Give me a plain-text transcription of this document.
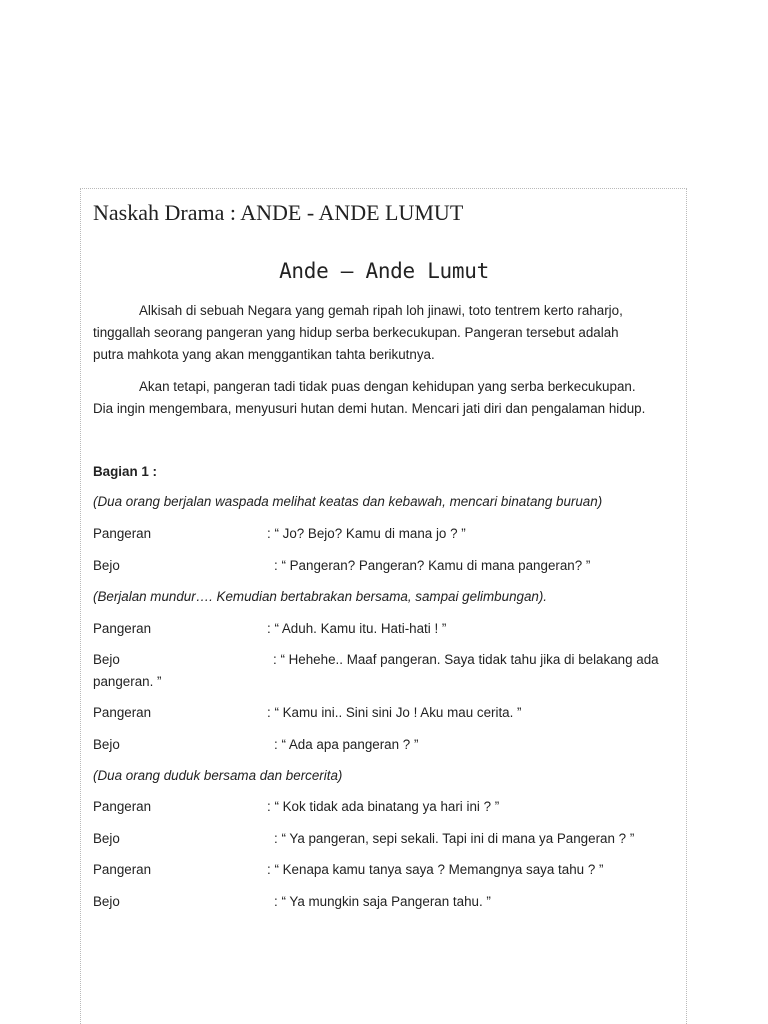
Naskah Drama : ANDE - ANDE LUMUT
Ande – Ande Lumut
Alkisah di sebuah Negara yang gemah ripah loh jinawi, toto tentrem kerto raharjo,
tinggallah seorang pangeran yang hidup serba berkecukupan. Pangeran tersebut adalah
putra mahkota yang akan menggantikan tahta berikutnya.
Akan tetapi, pangeran tadi tidak puas dengan kehidupan yang serba berkecukupan.
Dia ingin mengembara, menyusuri hutan demi hutan. Mencari jati diri dan pengalaman hidup.
Bagian 1 :
(Dua orang berjalan waspada melihat keatas dan kebawah, mencari binatang buruan)
Pangeran	: “ Jo? Bejo? Kamu di mana jo ? ”
Bejo	: “ Pangeran? Pangeran? Kamu di mana pangeran? ”
(Berjalan mundur…. Kemudian bertabrakan bersama, sampai gelimbungan).
Pangeran	: “ Aduh. Kamu itu. Hati-hati ! ”
Bejo	: “ Hehehe.. Maaf pangeran. Saya tidak tahu jika di belakang ada
pangeran. ”
Pangeran	: “ Kamu ini.. Sini sini Jo ! Aku mau cerita. ”
Bejo	: “ Ada apa pangeran ? ”
(Dua orang duduk bersama dan bercerita)
Pangeran	: “ Kok tidak ada binatang ya hari ini ? ”
Bejo	: “ Ya pangeran, sepi sekali. Tapi ini di mana ya Pangeran ? ”
Pangeran	: “ Kenapa kamu tanya saya ? Memangnya saya tahu ? ”
Bejo	: “ Ya mungkin saja Pangeran tahu. ”
